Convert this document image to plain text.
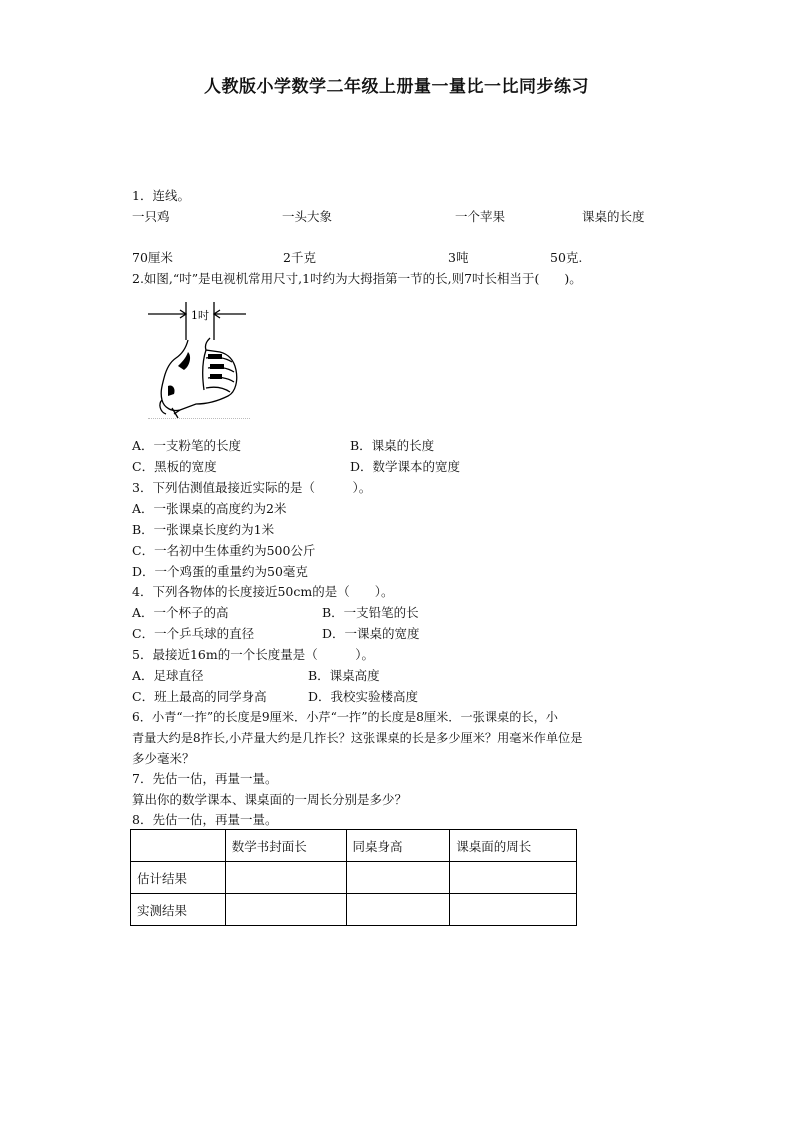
人教版小学数学二年级上册量一量比一比同步练习
1．连线。
一只鸡	一头大象	一个苹果	课桌的长度
70厘米	2千克	3吨	50克.
2.如图,“吋”是电视机常用尺寸,1吋约为大拇指第一节的长,则7吋长相当于(　　)。
1吋
A．一支粉笔的长度	B．课桌的长度
C．黑板的宽度	D．数学课本的宽度
3．下列估测值最接近实际的是（　　　）。
A．一张课桌的高度约为2米
B．一张课桌长度约为1米
C．一名初中生体重约为500公斤
D．一个鸡蛋的重量约为50毫克
4．下列各物体的长度接近50cm的是（　　）。
A．一个杯子的高	B．一支铅笔的长
C．一个乒乓球的直径	D．一课桌的宽度
5．最接近16m的一个长度量是（　　　）。
A．足球直径	B．课桌高度
C．班上最高的同学身高	D．我校实验楼高度
6．小青“一拃”的长度是9厘米．小芹“一拃”的长度是8厘米．一张课桌的长，小
青量大约是8拃长,小芹量大约是几拃长？这张课桌的长是多少厘米？用毫米作单位是
多少毫米？
7．先估一估，再量一量。
算出你的数学课本、课桌面的一周长分别是多少？
8．先估一估，再量一量。
	数学书封面长	同桌身高	课桌面的周长
估计结果			
实测结果			
